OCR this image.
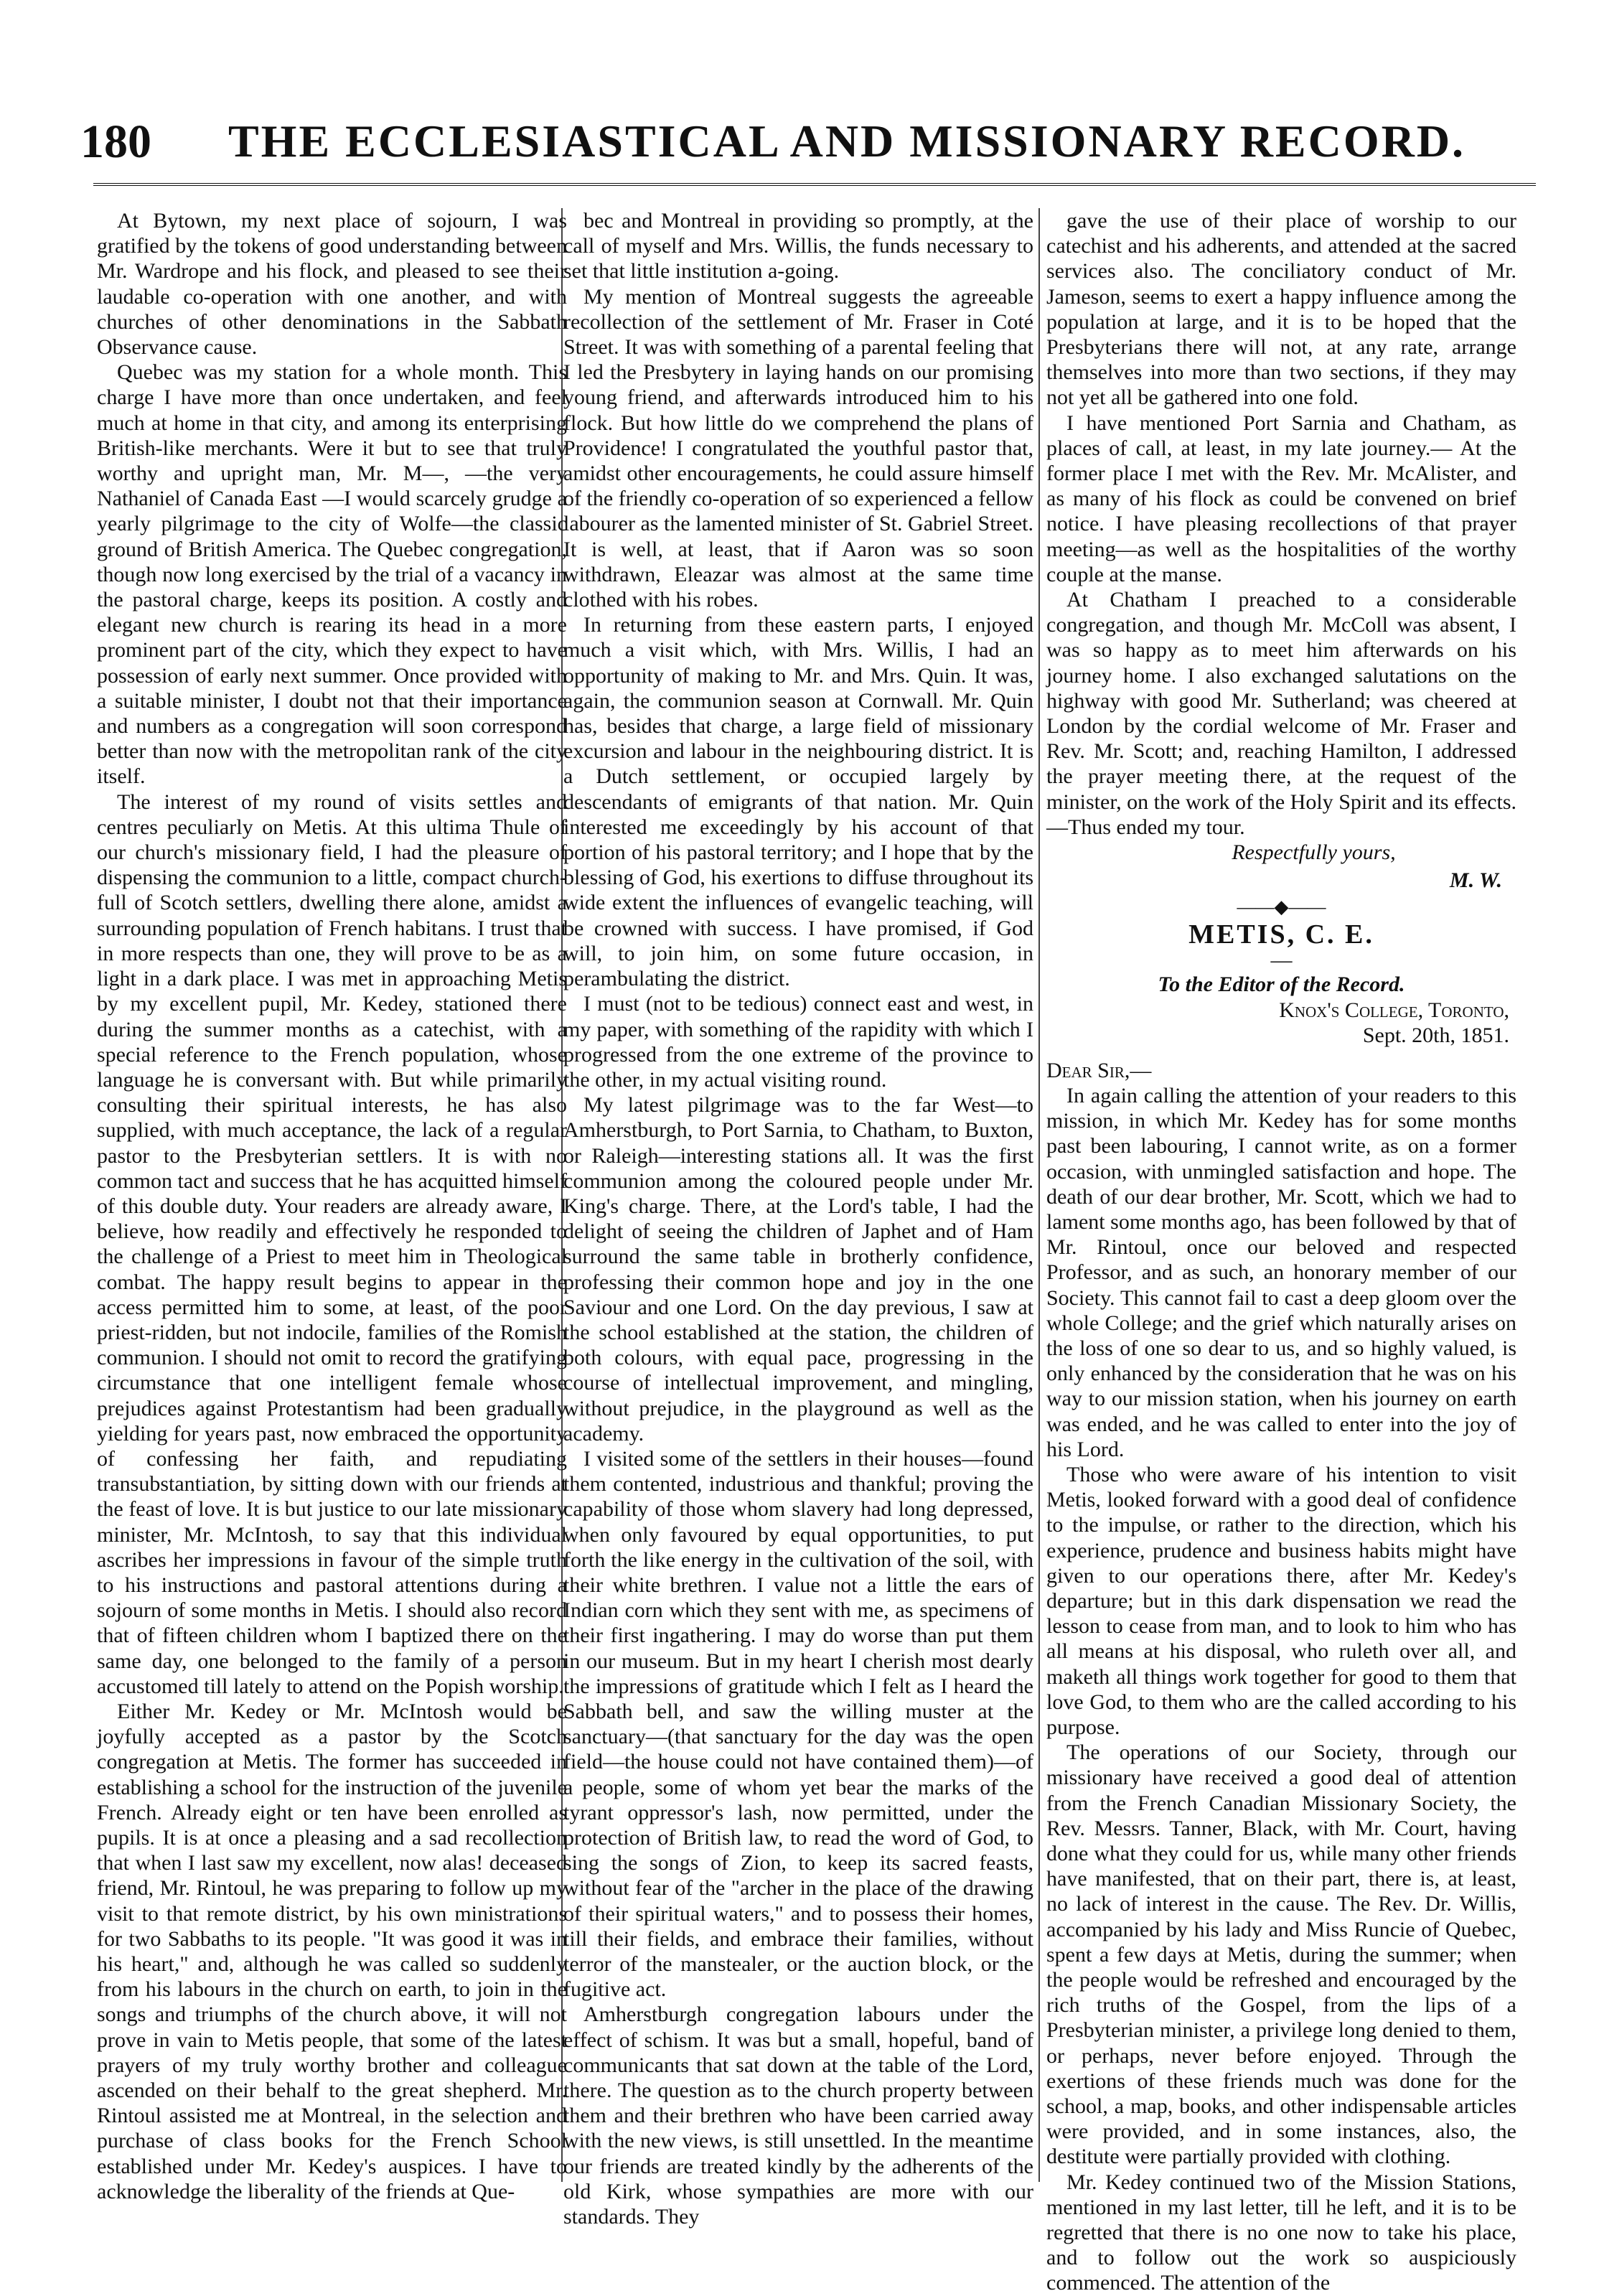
180	THE ECCLESIASTICAL AND MISSIONARY RECORD.

At Bytown, my next place of sojourn, I was gratified by the tokens of good understanding between Mr. Wardrope and his flock, and pleased to see their laudable co-operation with one another, and with churches of other denominations in the Sabbath Observance cause.

Quebec was my station for a whole month. This charge I have more than once undertaken, and feel much at home in that city, and among its enterprising British-like merchants. Were it but to see that truly worthy and upright man, Mr. M—, —the very Nathaniel of Canada East —I would scarcely grudge a yearly pilgrimage to the city of Wolfe—the classic ground of British America. The Quebec congregation, though now long exercised by the trial of a vacancy in the pastoral charge, keeps its position. A costly and elegant new church is rearing its head in a more prominent part of the city, which they expect to have possession of early next summer. Once provided with a suitable minister, I doubt not that their importance and numbers as a congregation will soon correspond better than now with the metropolitan rank of the city itself.

The interest of my round of visits settles and centres peculiarly on Metis. At this ultima Thule of our church's missionary field, I had the pleasure of dispensing the communion to a little, compact church-full of Scotch settlers, dwelling there alone, amidst a surrounding population of French habitans. I trust that in more respects than one, they will prove to be as a light in a dark place. I was met in approaching Metis by my excellent pupil, Mr. Kedey, stationed there during the summer months as a catechist, with a special reference to the French population, whose language he is conversant with. But while primarily consulting their spiritual interests, he has also supplied, with much acceptance, the lack of a regular pastor to the Presbyterian settlers. It is with no common tact and success that he has acquitted himself of this double duty. Your readers are already aware, I believe, how readily and effectively he responded to the challenge of a Priest to meet him in Theological combat. The happy result begins to appear in the access permitted him to some, at least, of the poor priest-ridden, but not indocile, families of the Romish communion. I should not omit to record the gratifying circumstance that one intelligent female whose prejudices against Protestantism had been gradually yielding for years past, now embraced the opportunity of confessing her faith, and repudiating transubstantiation, by sitting down with our friends at the feast of love. It is but justice to our late missionary minister, Mr. McIntosh, to say that this individual ascribes her impressions in favour of the simple truth to his instructions and pastoral attentions during a sojourn of some months in Metis. I should also record that of fifteen children whom I baptized there on the same day, one belonged to the family of a person accustomed till lately to attend on the Popish worship.

Either Mr. Kedey or Mr. McIntosh would be joyfully accepted as a pastor by the Scotch congregation at Metis. The former has succeeded in establishing a school for the instruction of the juvenile French. Already eight or ten have been enrolled as pupils. It is at once a pleasing and a sad recollection that when I last saw my excellent, now alas! deceased friend, Mr. Rintoul, he was preparing to follow up my visit to that remote district, by his own ministrations for two Sabbaths to its people. "It was good it was in his heart," and, although he was called so suddenly from his labours in the church on earth, to join in the songs and triumphs of the church above, it will not prove in vain to Metis people, that some of the latest prayers of my truly worthy brother and colleague ascended on their behalf to the great shepherd. Mr. Rintoul assisted me at Montreal, in the selection and purchase of class books for the French School established under Mr. Kedey's auspices. I have to acknowledge the liberality of the friends at Que-

bec and Montreal in providing so promptly, at the call of myself and Mrs. Willis, the funds necessary to set that little institution a-going.

My mention of Montreal suggests the agreeable recollection of the settlement of Mr. Fraser in Coté Street. It was with something of a parental feeling that I led the Presbytery in laying hands on our promising young friend, and afterwards introduced him to his flock. But how little do we comprehend the plans of Providence! I congratulated the youthful pastor that, amidst other encouragements, he could assure himself of the friendly co-operation of so experienced a fellow labourer as the lamented minister of St. Gabriel Street. It is well, at least, that if Aaron was so soon withdrawn, Eleazar was almost at the same time clothed with his robes.

In returning from these eastern parts, I enjoyed much a visit which, with Mrs. Willis, I had an opportunity of making to Mr. and Mrs. Quin. It was, again, the communion season at Cornwall. Mr. Quin has, besides that charge, a large field of missionary excursion and labour in the neighbouring district. It is a Dutch settlement, or occupied largely by descendants of emigrants of that nation. Mr. Quin interested me exceedingly by his account of that portion of his pastoral territory; and I hope that by the blessing of God, his exertions to diffuse throughout its wide extent the influences of evangelic teaching, will be crowned with success. I have promised, if God will, to join him, on some future occasion, in perambulating the district.

I must (not to be tedious) connect east and west, in my paper, with something of the rapidity with which I progressed from the one extreme of the province to the other, in my actual visiting round.

My latest pilgrimage was to the far West—to Amherstburgh, to Port Sarnia, to Chatham, to Buxton, or Raleigh—interesting stations all. It was the first communion among the coloured people under Mr. King's charge. There, at the Lord's table, I had the delight of seeing the children of Japhet and of Ham surround the same table in brotherly confidence, professing their common hope and joy in the one Saviour and one Lord. On the day previous, I saw at the school established at the station, the children of both colours, with equal pace, progressing in the course of intellectual improvement, and mingling, without prejudice, in the playground as well as the academy.

I visited some of the settlers in their houses—found them contented, industrious and thankful; proving the capability of those whom slavery had long depressed, when only favoured by equal opportunities, to put forth the like energy in the cultivation of the soil, with their white brethren. I value not a little the ears of Indian corn which they sent with me, as specimens of their first ingathering. I may do worse than put them in our museum. But in my heart I cherish most dearly the impressions of gratitude which I felt as I heard the Sabbath bell, and saw the willing muster at the sanctuary—(that sanctuary for the day was the open field—the house could not have contained them)—of a people, some of whom yet bear the marks of the tyrant oppressor's lash, now permitted, under the protection of British law, to read the word of God, to sing the songs of Zion, to keep its sacred feasts, without fear of the "archer in the place of the drawing of their spiritual waters," and to possess their homes, till their fields, and embrace their families, without terror of the manstealer, or the auction block, or the fugitive act.

Amherstburgh congregation labours under the effect of schism. It was but a small, hopeful, band of communicants that sat down at the table of the Lord, there. The question as to the church property between them and their brethren who have been carried away with the new views, is still unsettled. In the meantime our friends are treated kindly by the adherents of the old Kirk, whose sympathies are more with our standards. They

gave the use of their place of worship to our catechist and his adherents, and attended at the sacred services also. The conciliatory conduct of Mr. Jameson, seems to exert a happy influence among the population at large, and it is to be hoped that the Presbyterians there will not, at any rate, arrange themselves into more than two sections, if they may not yet all be gathered into one fold.

I have mentioned Port Sarnia and Chatham, as places of call, at least, in my late journey.— At the former place I met with the Rev. Mr. McAlister, and as many of his flock as could be convened on brief notice. I have pleasing recollections of that prayer meeting—as well as the hospitalities of the worthy couple at the manse.

At Chatham I preached to a considerable congregation, and though Mr. McColl was absent, I was so happy as to meet him afterwards on his journey home. I also exchanged salutations on the highway with good Mr. Sutherland; was cheered at London by the cordial welcome of Mr. Fraser and Rev. Mr. Scott; and, reaching Hamilton, I addressed the prayer meeting there, at the request of the minister, on the work of the Holy Spirit and its effects.—Thus ended my tour.

Respectfully yours,

M. W.

——◆——
METIS, C. E.
—

To the Editor of the Record.

Knox's College, Toronto,
Sept. 20th, 1851.

Dear Sir,—

In again calling the attention of your readers to this mission, in which Mr. Kedey has for some months past been labouring, I cannot write, as on a former occasion, with unmingled satisfaction and hope. The death of our dear brother, Mr. Scott, which we had to lament some months ago, has been followed by that of Mr. Rintoul, once our beloved and respected Professor, and as such, an honorary member of our Society. This cannot fail to cast a deep gloom over the whole College; and the grief which naturally arises on the loss of one so dear to us, and so highly valued, is only enhanced by the consideration that he was on his way to our mission station, when his journey on earth was ended, and he was called to enter into the joy of his Lord.

Those who were aware of his intention to visit Metis, looked forward with a good deal of confidence to the impulse, or rather to the direction, which his experience, prudence and business habits might have given to our operations there, after Mr. Kedey's departure; but in this dark dispensation we read the lesson to cease from man, and to look to him who has all means at his disposal, who ruleth over all, and maketh all things work together for good to them that love God, to them who are the called according to his purpose.

The operations of our Society, through our missionary have received a good deal of attention from the French Canadian Missionary Society, the Rev. Messrs. Tanner, Black, with Mr. Court, having done what they could for us, while many other friends have manifested, that on their part, there is, at least, no lack of interest in the cause. The Rev. Dr. Willis, accompanied by his lady and Miss Runcie of Quebec, spent a few days at Metis, during the summer; when the people would be refreshed and encouraged by the rich truths of the Gospel, from the lips of a Presbyterian minister, a privilege long denied to them, or perhaps, never before enjoyed. Through the exertions of these friends much was done for the school, a map, books, and other indispensable articles were provided, and in some instances, also, the destitute were partially provided with clothing.

Mr. Kedey continued two of the Mission Stations, mentioned in my last letter, till he left, and it is to be regretted that there is no one now to take his place, and to follow out the work so auspiciously commenced. The attention of the
